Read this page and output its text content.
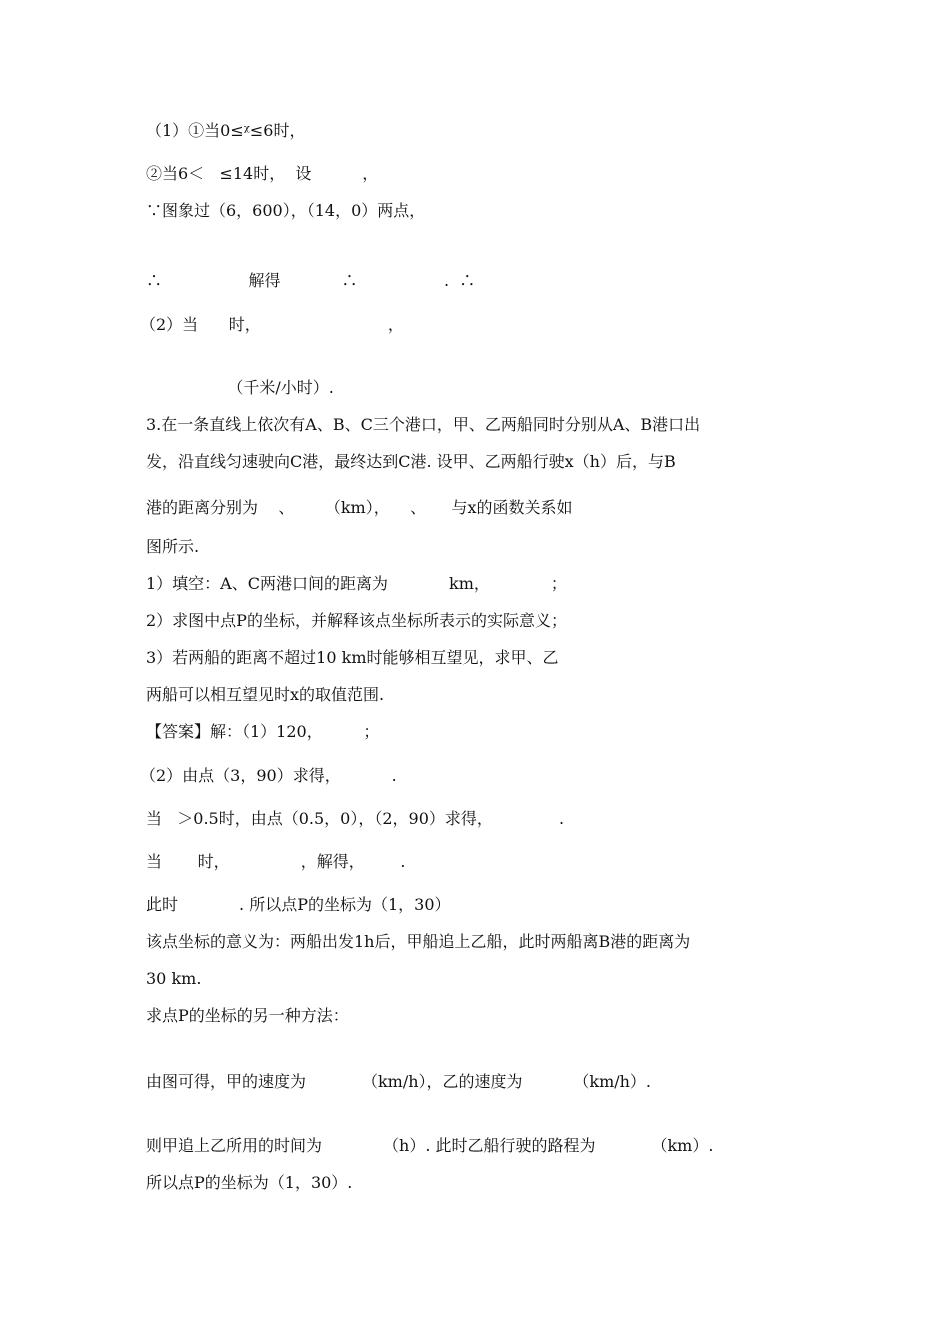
（1）①当0≤ᵡ≤6时，
②当6＜   ≤14时，  设          ，
∵图象过（6，600），（14，0）两点，
∴                 解得            ∴                 .  ∴
（2）当      时，                         ，
（千米/小时）.
3.在一条直线上依次有A、B、C三个港口，甲、乙两船同时分别从A、B港口出
发，沿直线匀速驶向C港，最终达到C港. 设甲、乙两船行驶x（h）后，与B
港的距离分别为    、      （km），    、     与x的函数关系如
图所示.
1）填空：A、C两港口间的距离为            km，            ；
2）求图中点P的坐标，并解释该点坐标所表示的实际意义；
3）若两船的距离不超过10 km时能够相互望见，求甲、乙
两船可以相互望见时x的取值范围.
【答案】解：（1）120，        ；
（2）由点（3，90）求得，          .
当   ＞0.5时，由点（0.5，0），（2，90）求得，             .
当       时，              ，解得，       .
此时            . 所以点P的坐标为（1，30）
该点坐标的意义为：两船出发1h后，甲船追上乙船，此时两船离B港的距离为
30 km.
求点P的坐标的另一种方法：
由图可得，甲的速度为           （km/h），乙的速度为          （km/h）.
则甲追上乙所用的时间为            （h）. 此时乙船行驶的路程为           （km）.
所以点P的坐标为（1，30）.
